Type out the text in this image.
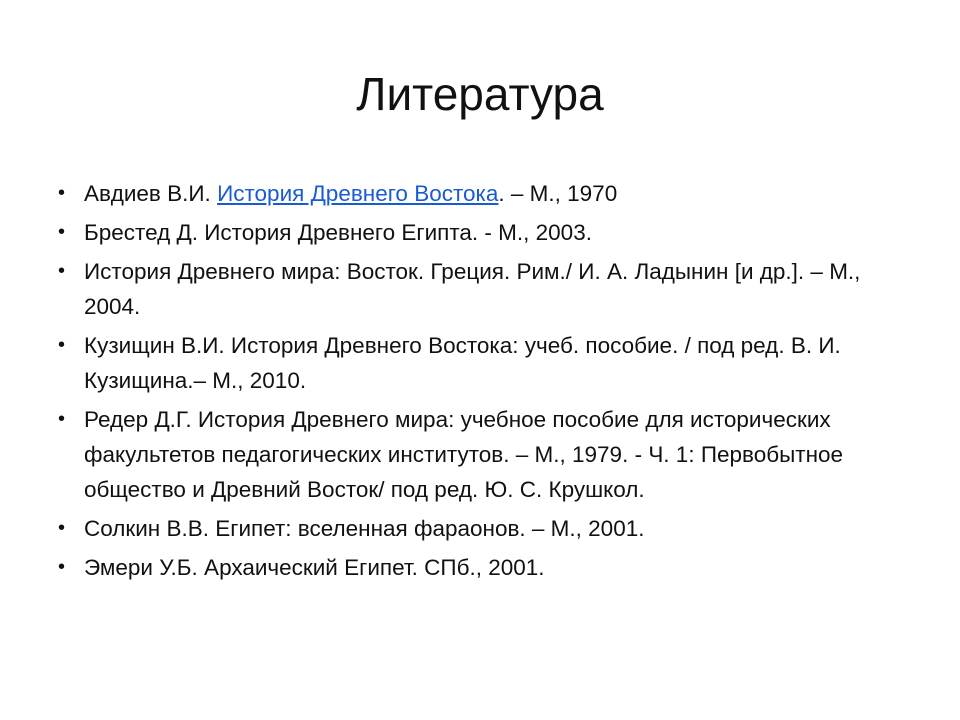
Литература
• Авдиев В.И. История Древнего Востока. – М., 1970
• Брестед Д. История Древнего Египта. - М., 2003.
• История Древнего мира: Восток. Греция. Рим./ И. А. Ладынин [и др.]. – М., 2004.
• Кузищин В.И. История Древнего Востока: учеб. пособие. / под ред. В. И. Кузищина.– М., 2010.
• Редер Д.Г. История Древнего мира: учебное пособие для исторических факультетов педагогических институтов. – М., 1979. - Ч. 1: Первобытное общество и Древний Восток/ под ред. Ю. С. Крушкол.
• Солкин В.В. Египет: вселенная фараонов. – М., 2001.
• Эмери У.Б. Архаический Египет. СПб., 2001.
